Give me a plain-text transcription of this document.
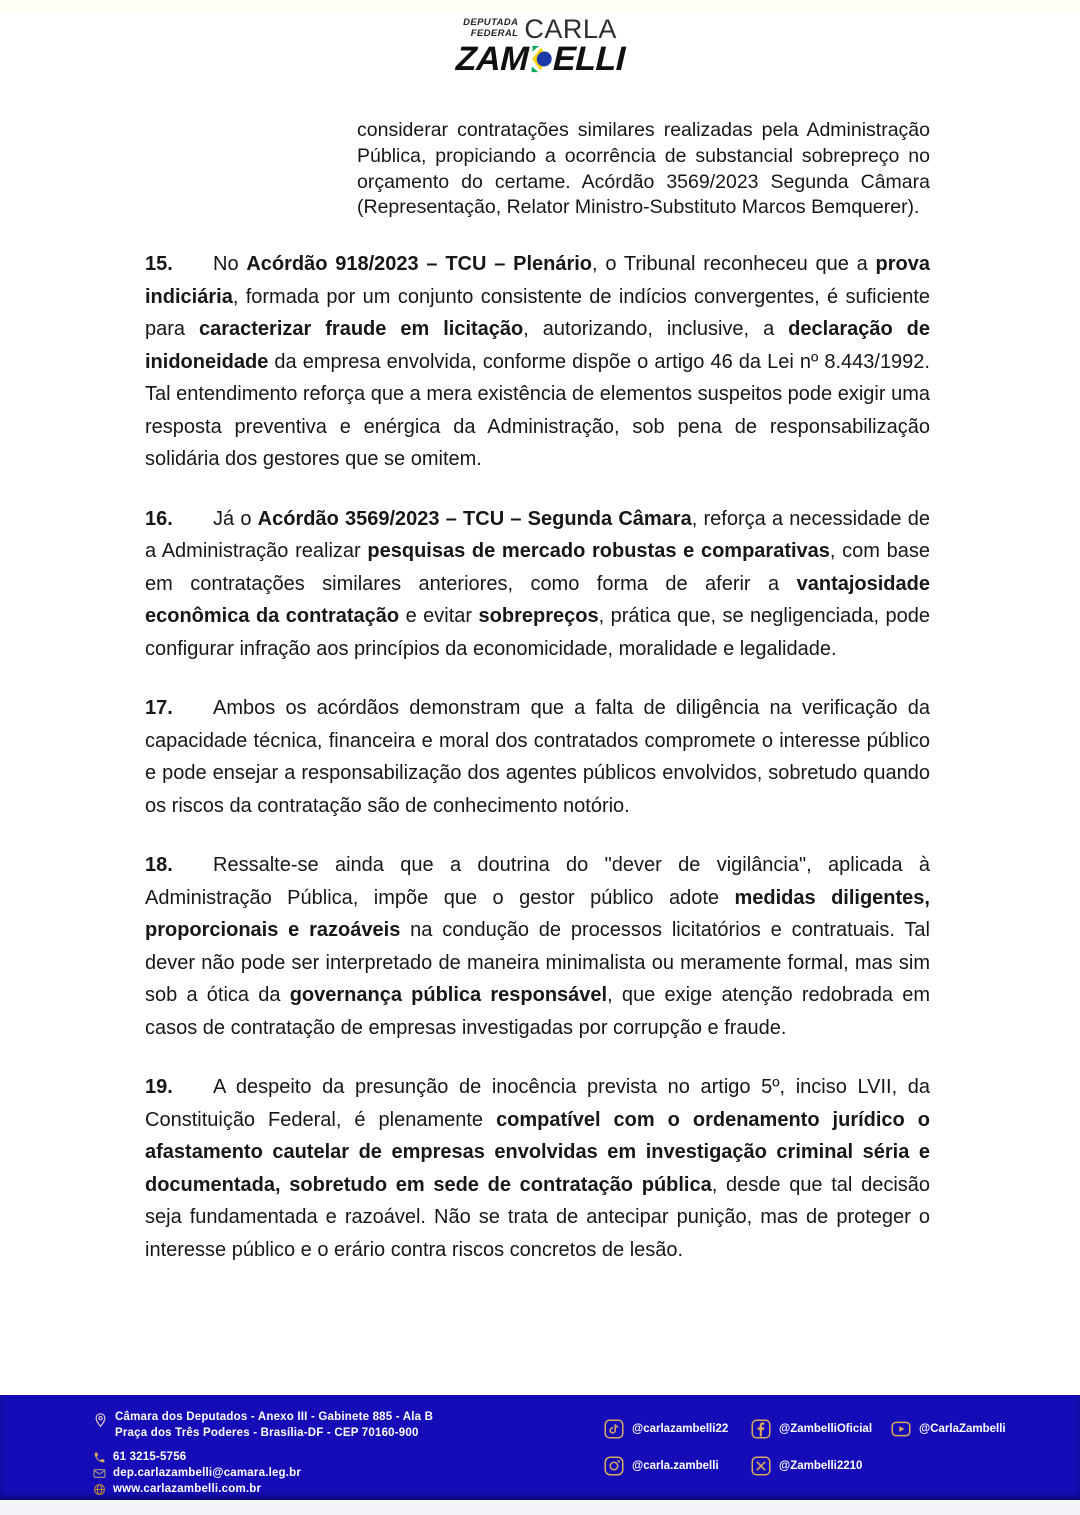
DEPUTADA
FEDERAL CARLA
ZAM ELLI
considerar contratações similares realizadas pela Administração Pública, propiciando a ocorrência de substancial sobrepreço no orçamento do certame. Acórdão 3569/2023 Segunda Câmara (Representação, Relator Ministro-Substituto Marcos Bemquerer).
15. No Acórdão 918/2023 – TCU – Plenário, o Tribunal reconheceu que a prova indiciária, formada por um conjunto consistente de indícios convergentes, é suficiente para caracterizar fraude em licitação, autorizando, inclusive, a declaração de inidoneidade da empresa envolvida, conforme dispõe o artigo 46 da Lei nº 8.443/1992. Tal entendimento reforça que a mera existência de elementos suspeitos pode exigir uma resposta preventiva e enérgica da Administração, sob pena de responsabilização solidária dos gestores que se omitem.
16. Já o Acórdão 3569/2023 – TCU – Segunda Câmara, reforça a necessidade de a Administração realizar pesquisas de mercado robustas e comparativas, com base em contratações similares anteriores, como forma de aferir a vantajosidade econômica da contratação e evitar sobrepreços, prática que, se negligenciada, pode configurar infração aos princípios da economicidade, moralidade e legalidade.
17. Ambos os acórdãos demonstram que a falta de diligência na verificação da capacidade técnica, financeira e moral dos contratados compromete o interesse público e pode ensejar a responsabilização dos agentes públicos envolvidos, sobretudo quando os riscos da contratação são de conhecimento notório.
18. Ressalte-se ainda que a doutrina do "dever de vigilância", aplicada à Administração Pública, impõe que o gestor público adote medidas diligentes, proporcionais e razoáveis na condução de processos licitatórios e contratuais. Tal dever não pode ser interpretado de maneira minimalista ou meramente formal, mas sim sob a ótica da governança pública responsável, que exige atenção redobrada em casos de contratação de empresas investigadas por corrupção e fraude.
19. A despeito da presunção de inocência prevista no artigo 5º, inciso LVII, da Constituição Federal, é plenamente compatível com o ordenamento jurídico o afastamento cautelar de empresas envolvidas em investigação criminal séria e documentada, sobretudo em sede de contratação pública, desde que tal decisão seja fundamentada e razoável. Não se trata de antecipar punição, mas de proteger o interesse público e o erário contra riscos concretos de lesão.
Câmara dos Deputados - Anexo III - Gabinete 885 - Ala B
Praça dos Três Poderes - Brasília-DF - CEP 70160-900
61 3215-5756
dep.carlazambelli@camara.leg.br
www.carlazambelli.com.br
@carlazambelli22	@ZambelliOficial	@CarlaZambelli
@carla.zambelli	@Zambelli2210
